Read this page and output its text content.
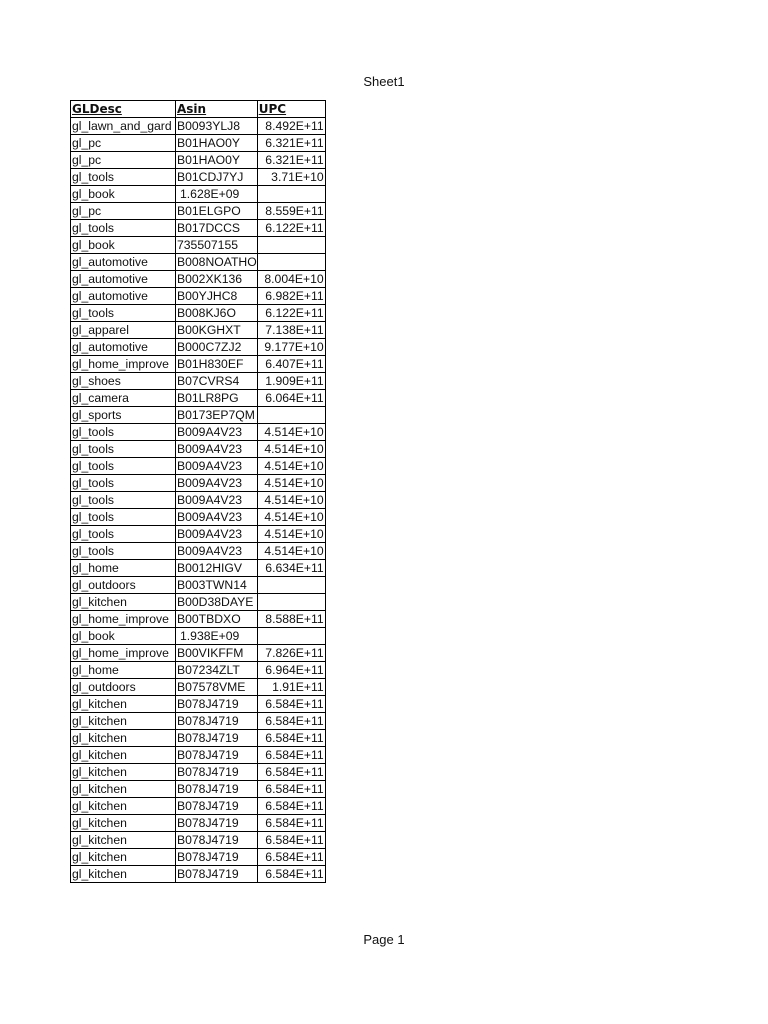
Sheet1
GLDesc	Asin	UPC
gl_lawn_and_gard	B0093YLJ8	8.492E+11
gl_pc	B01HAO0Y	6.321E+11
gl_pc	B01HAO0Y	6.321E+11
gl_tools	B01CDJ7YJ	3.71E+10
gl_book	1.628E+09	
gl_pc	B01ELGPO	8.559E+11
gl_tools	B017DCCS	6.122E+11
gl_book	735507155	
gl_automotive	B008NOATHO	
gl_automotive	B002XK136	8.004E+10
gl_automotive	B00YJHC8	6.982E+11
gl_tools	B008KJ6O	6.122E+11
gl_apparel	B00KGHXT	7.138E+11
gl_automotive	B000C7ZJ2	9.177E+10
gl_home_improve	B01H830EF	6.407E+11
gl_shoes	B07CVRS4	1.909E+11
gl_camera	B01LR8PG	6.064E+11
gl_sports	B0173EP7QM	
gl_tools	B009A4V23	4.514E+10
gl_tools	B009A4V23	4.514E+10
gl_tools	B009A4V23	4.514E+10
gl_tools	B009A4V23	4.514E+10
gl_tools	B009A4V23	4.514E+10
gl_tools	B009A4V23	4.514E+10
gl_tools	B009A4V23	4.514E+10
gl_tools	B009A4V23	4.514E+10
gl_home	B0012HIGV	6.634E+11
gl_outdoors	B003TWN14	
gl_kitchen	B00D38DAYE	
gl_home_improve	B00TBDXO	8.588E+11
gl_book	1.938E+09	
gl_home_improve	B00VIKFFM	7.826E+11
gl_home	B07234ZLT	6.964E+11
gl_outdoors	B07578VME	1.91E+11
gl_kitchen	B078J4719	6.584E+11
gl_kitchen	B078J4719	6.584E+11
gl_kitchen	B078J4719	6.584E+11
gl_kitchen	B078J4719	6.584E+11
gl_kitchen	B078J4719	6.584E+11
gl_kitchen	B078J4719	6.584E+11
gl_kitchen	B078J4719	6.584E+11
gl_kitchen	B078J4719	6.584E+11
gl_kitchen	B078J4719	6.584E+11
gl_kitchen	B078J4719	6.584E+11
gl_kitchen	B078J4719	6.584E+11
Page 1
